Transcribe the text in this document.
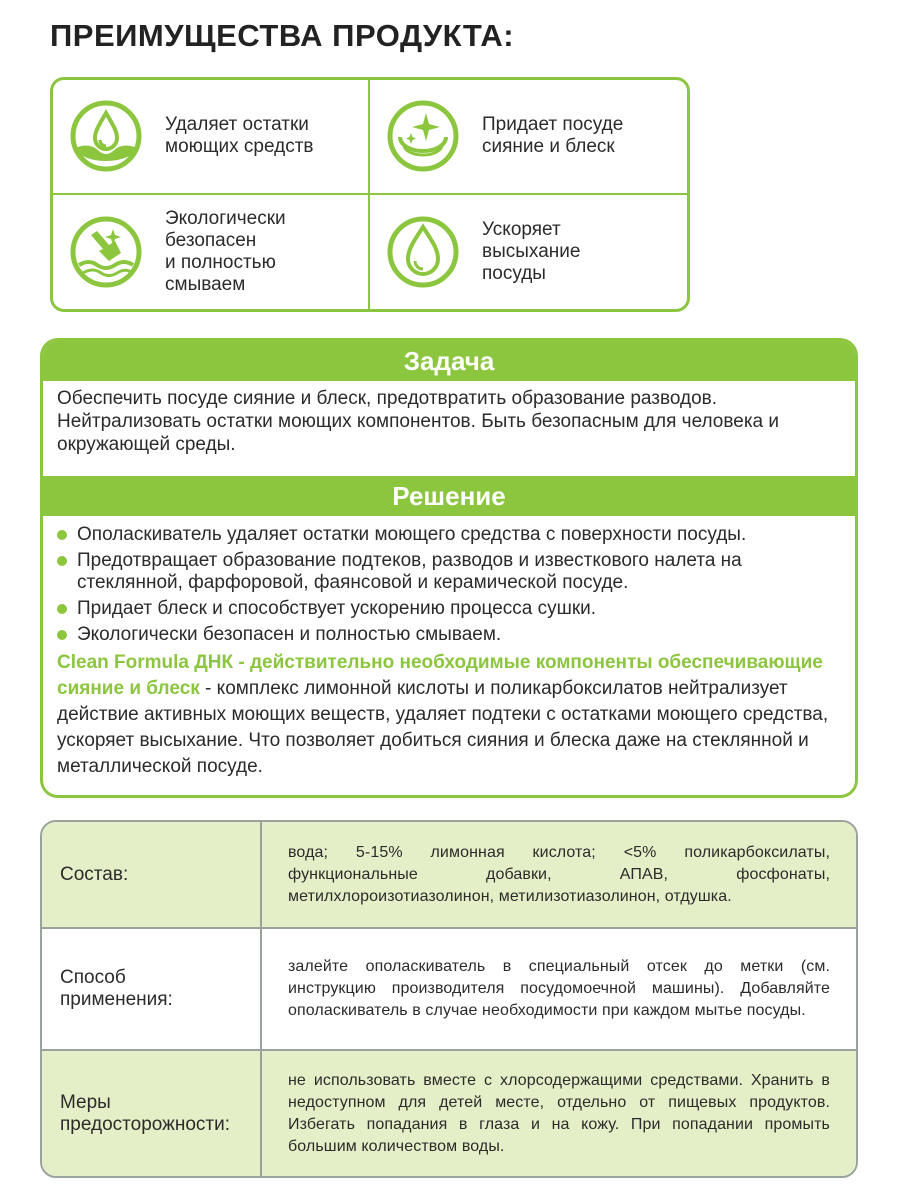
ПРЕИМУЩЕСТВА ПРОДУКТА:
Удаляет остатки
моющих средств
Придает посуде
сияние и блеск
Экологически
безопасен
и полностью
смываем
Ускоряет
высыхание
посуды
Задача
Обеспечить посуде сияние и блеск, предотвратить образование разводов. Нейтрализовать остатки моющих компонентов. Быть безопасным для человека и окружающей среды.
Решение
Ополаскиватель удаляет остатки моющего средства с поверхности посуды.
Предотвращает образование подтеков, разводов и известкового налета на стеклянной, фарфоровой, фаянсовой и керамической посуде.
Придает блеск и способствует ускорению процесса сушки.
Экологически безопасен и полностью смываем.

Clean Formula ДНК - действительно необходимые компоненты обеспечивающие сияние и блеск - комплекс лимонной кислоты и поликарбоксилатов нейтрализует действие активных моющих веществ, удаляет подтеки с остатками моющего средства, ускоряет высыхание. Что позволяет добиться сияния и блеска даже на стеклянной и металлической посуде.

Состав:
вода; 5-15% лимонная кислота; <5% поликарбоксилаты, функциональные добавки, АПАВ, фосфонаты, метилхлороизотиазолинон, метилизотиазолинон, отдушка.
Способ
применения:
залейте ополаскиватель в специальный отсек до метки (см. инструкцию производителя посудомоечной машины). Добавляйте ополаскиватель в случае необходимости при каждом мытье посуды.
Меры
предосторожности:
не использовать вместе с хлорсодержащими средствами. Хранить в недоступном для детей месте, отдельно от пищевых продуктов. Избегать попадания в глаза и на кожу. При попадании промыть большим количеством воды.
